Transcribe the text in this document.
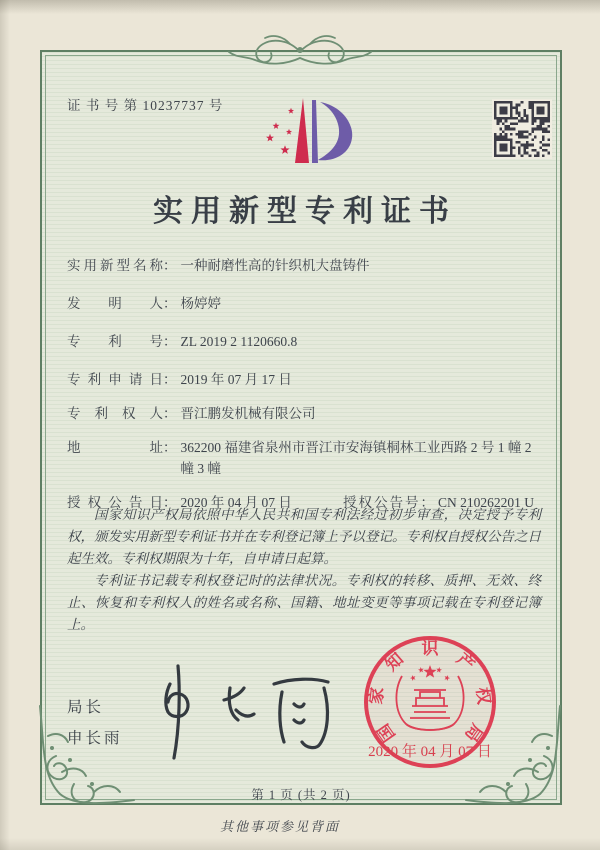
证 书 号 第 10237737 号
实用新型专利证书
实用新型名称 ： 一种耐磨性高的针织机大盘铸件
发明人 ： 杨婷婷
专利号 ： ZL 2019 2 1120660.8
专利申请日 ： 2019 年 07 月 17 日
专利权人 ： 晋江鹏发机械有限公司
地址 ： 362200 福建省泉州市晋江市安海镇桐林工业西路 2 号 1 幢 2 幢 3 幢
授权公告日 ： 2020 年 04 月 07 日	授权公告号 ： CN 210262201 U

国家知识产权局依照中华人民共和国专利法经过初步审查，决定授予专利权，颁发实用新型专利证书并在专利登记簿上予以登记。专利权自授权公告之日起生效。专利权期限为十年，自申请日起算。

专利证书记载专利权登记时的法律状况。专利权的转移、质押、无效、终止、恢复和专利权人的姓名或名称、国籍、地址变更等事项记载在专利登记簿上。

局长
申长雨	国
家
知
识
产
权
局
2020 年 04 月 07 日
第 1 页 (共 2 页)
其他事项参见背面
